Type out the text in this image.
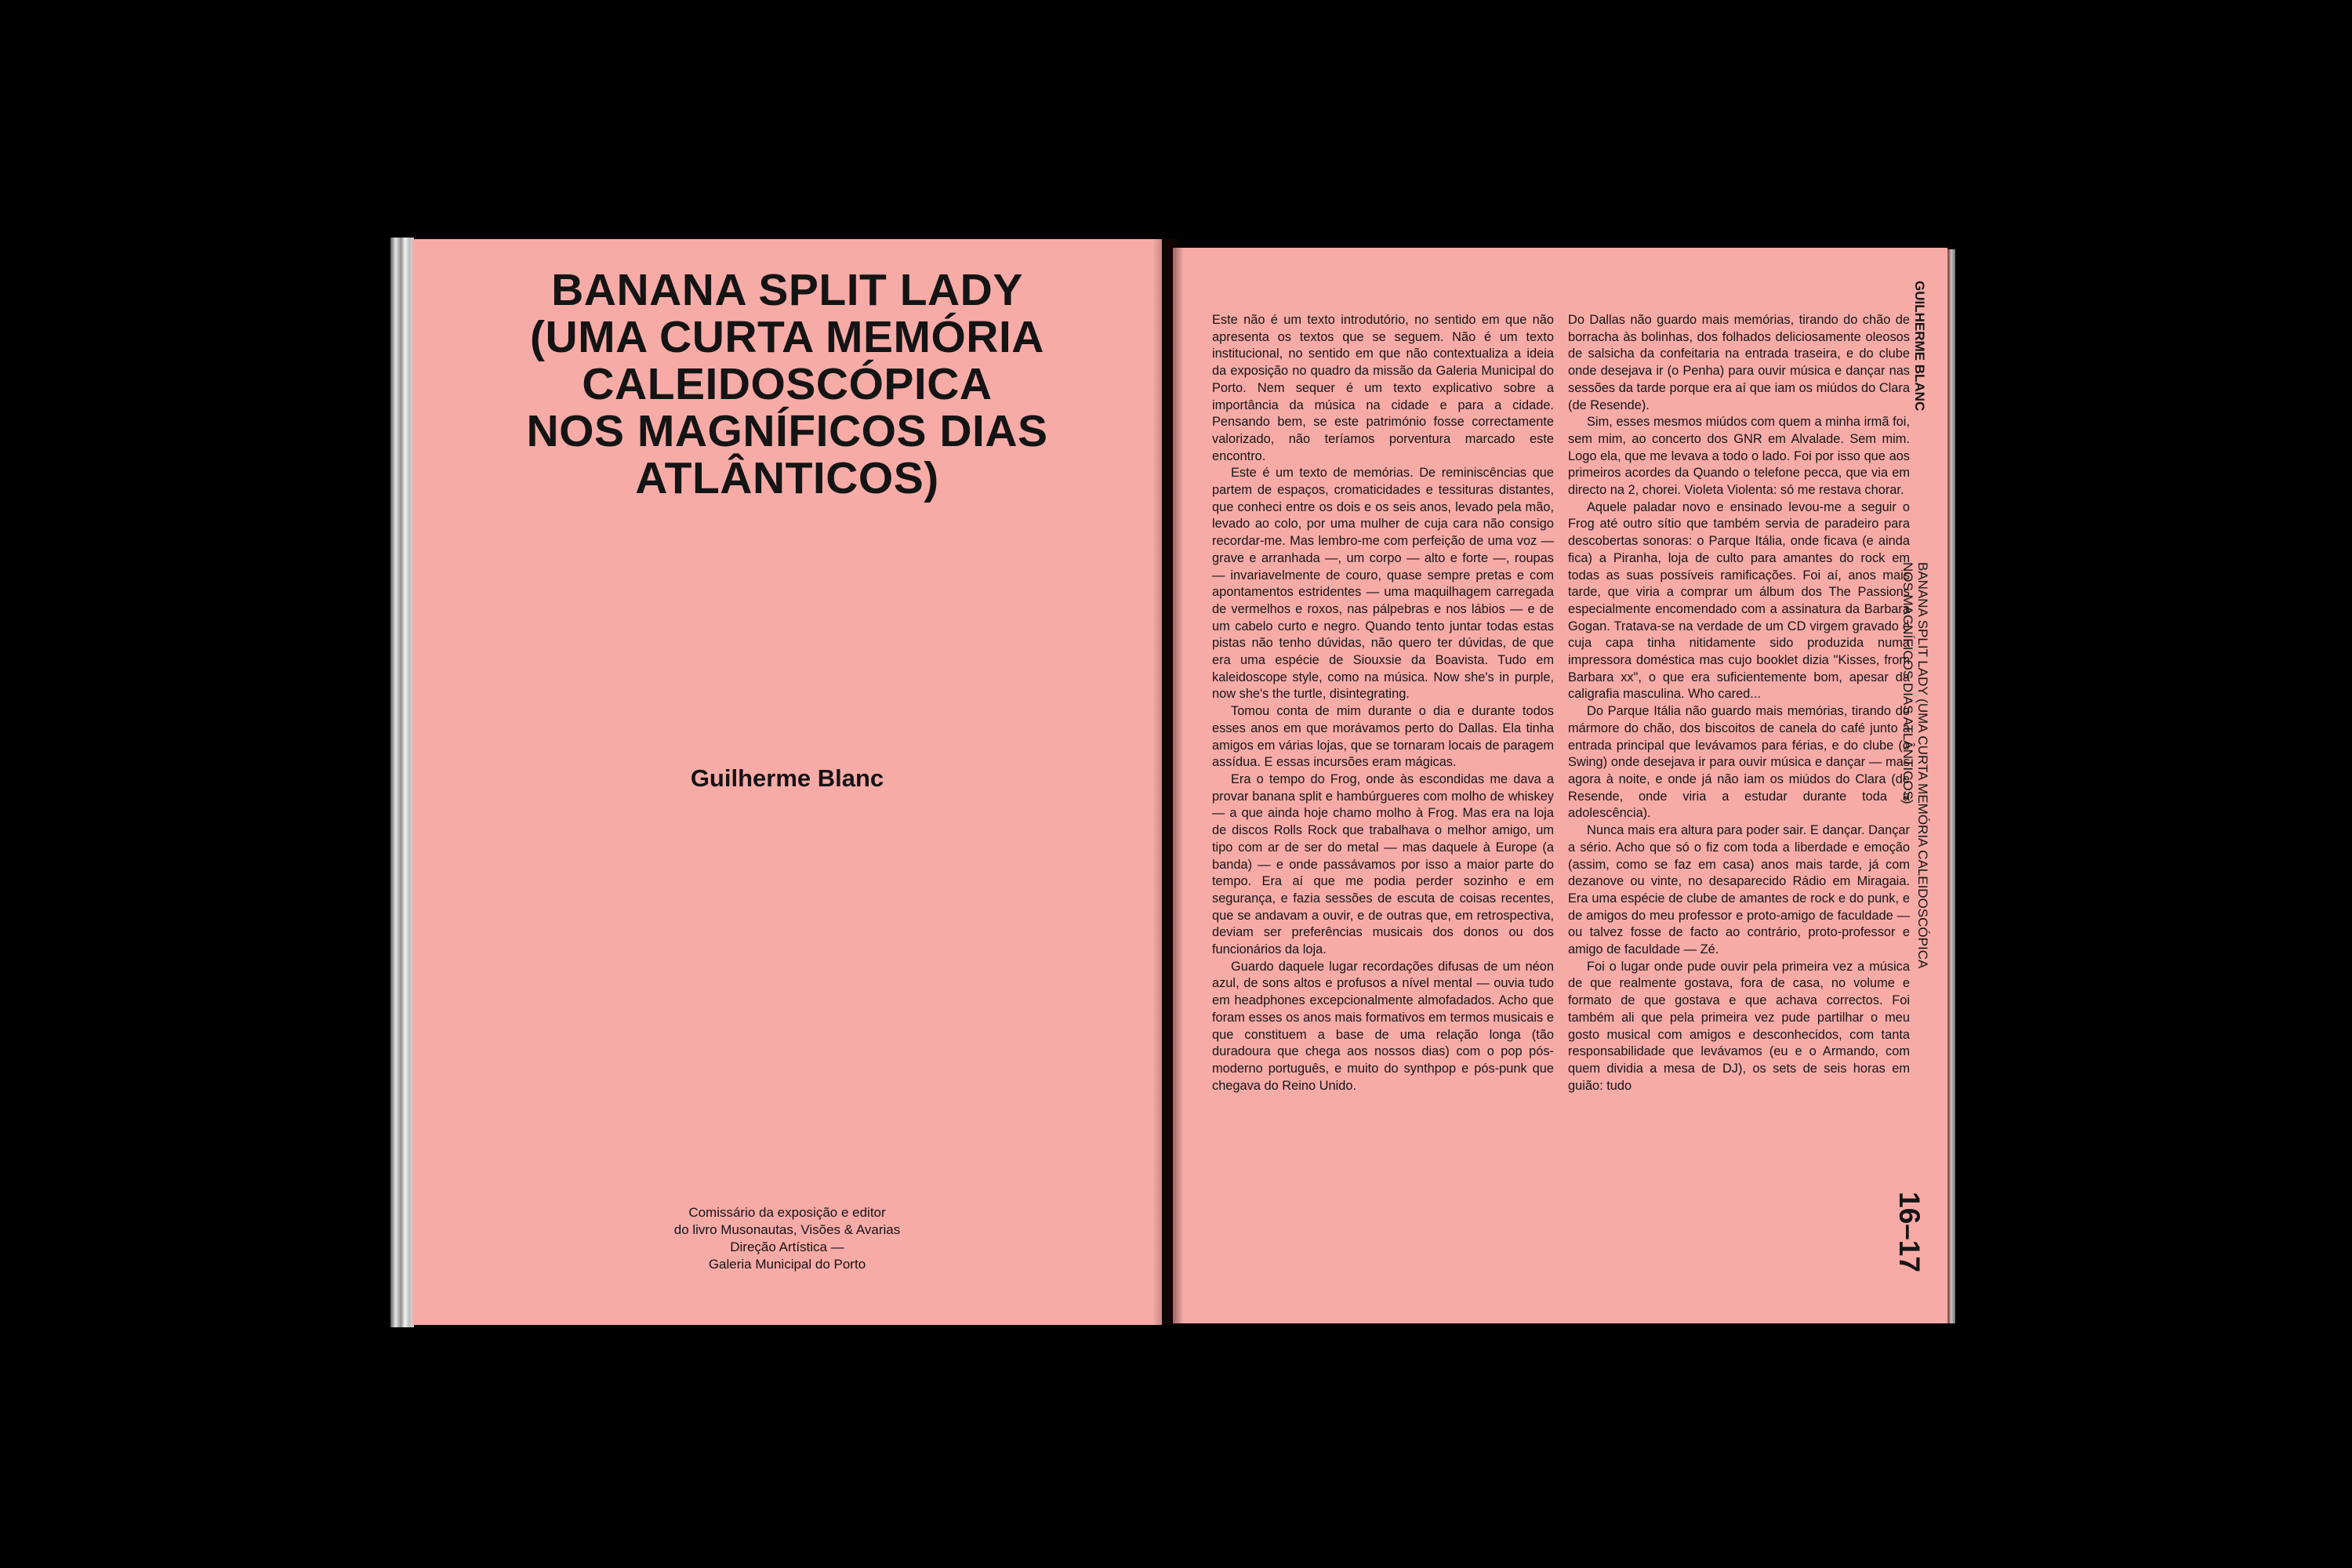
BANANA SPLIT LADY
(UMA CURTA MEMÓRIA
CALEIDOSCÓPICA
NOS MAGNÍFICOS DIAS
ATLÂNTICOS)
Guilherme Blanc
Comissário da exposição e editor
do livro Musonautas, Visões & Avarias
Direção Artística —
Galeria Municipal do Porto

Este não é um texto introdutório, no sentido em que não apresenta os textos que se seguem. Não é um texto institucional, no sentido em que não contextualiza a ideia da exposição no quadro da missão da Galeria Municipal do Porto. Nem sequer é um texto explicativo sobre a importância da música na cidade e para a cidade. Pensando bem, se este património fosse correctamente valorizado, não teríamos porventura marcado este encontro.

Este é um texto de memórias. De reminiscências que partem de espaços, cromaticidades e tessituras distantes, que conheci entre os dois e os seis anos, levado pela mão, levado ao colo, por uma mulher de cuja cara não consigo recordar-me. Mas lembro-me com perfeição de uma voz — grave e arranhada —, um corpo — alto e forte —, roupas — invariavelmente de couro, quase sempre pretas e com apontamentos estridentes — uma maquilhagem carregada de vermelhos e roxos, nas pálpebras e nos lábios — e de um cabelo curto e negro. Quando tento juntar todas estas pistas não tenho dúvidas, não quero ter dúvidas, de que era uma espécie de Siouxsie da Boavista. Tudo em kaleidoscope style, como na música. Now she's in purple, now she's the turtle, disintegrating.

Tomou conta de mim durante o dia e durante todos esses anos em que morávamos perto do Dallas. Ela tinha amigos em várias lojas, que se tornaram locais de paragem assídua. E essas incursões eram mágicas.

Era o tempo do Frog, onde às escondidas me dava a provar banana split e hambúrgueres com molho de whiskey — a que ainda hoje chamo molho à Frog. Mas era na loja de discos Rolls Rock que trabalhava o melhor amigo, um tipo com ar de ser do metal — mas daquele à Europe (a banda) — e onde passávamos por isso a maior parte do tempo. Era aí que me podia perder sozinho e em segurança, e fazia sessões de escuta de coisas recentes, que se andavam a ouvir, e de outras que, em retrospectiva, deviam ser preferências musicais dos donos ou dos funcionários da loja.

Guardo daquele lugar recordações difusas de um néon azul, de sons altos e profusos a nível mental — ouvia tudo em headphones excepcionalmente almofadados. Acho que foram esses os anos mais formativos em termos musicais e que constituem a base de uma relação longa (tão duradoura que chega aos nossos dias) com o pop pós-moderno português, e muito do synthpop e pós-punk que chegava do Reino Unido.

Do Dallas não guardo mais memórias, tirando do chão de borracha às bolinhas, dos folhados deliciosamente oleosos de salsicha da confeitaria na entrada traseira, e do clube onde desejava ir (o Penha) para ouvir música e dançar nas sessões da tarde porque era aí que iam os miúdos do Clara (de Resende).

Sim, esses mesmos miúdos com quem a minha irmã foi, sem mim, ao concerto dos GNR em Alvalade. Sem mim. Logo ela, que me levava a todo o lado. Foi por isso que aos primeiros acordes da Quando o telefone pecca, que via em directo na 2, chorei. Violeta Violenta: só me restava chorar.

Aquele paladar novo e ensinado levou-me a seguir o Frog até outro sítio que também servia de paradeiro para descobertas sonoras: o Parque Itália, onde ficava (e ainda fica) a Piranha, loja de culto para amantes do rock em todas as suas possíveis ramificações. Foi aí, anos mais tarde, que viria a comprar um álbum dos The Passions especialmente encomendado com a assinatura da Barbara Gogan. Tratava-se na verdade de um CD virgem gravado e cuja capa tinha nitidamente sido produzida numa impressora doméstica mas cujo booklet dizia "Kisses, from Barbara xx", o que era suficientemente bom, apesar da caligrafia masculina. Who cared...

Do Parque Itália não guardo mais memórias, tirando do mármore do chão, dos biscoitos de canela do café junto à entrada principal que levávamos para férias, e do clube (o Swing) onde desejava ir para ouvir música e dançar — mas agora à noite, e onde já não iam os miúdos do Clara (de Resende, onde viria a estudar durante toda a adolescência).

Nunca mais era altura para poder sair. E dançar. Dançar a sério. Acho que só o fiz com toda a liberdade e emoção (assim, como se faz em casa) anos mais tarde, já com dezanove ou vinte, no desaparecido Rádio em Miragaia. Era uma espécie de clube de amantes de rock e do punk, e de amigos do meu professor e proto-amigo de faculdade — ou talvez fosse de facto ao contrário, proto-professor e amigo de faculdade — Zé.

Foi o lugar onde pude ouvir pela primeira vez a música de que realmente gostava, fora de casa, no volume e formato de que gostava e que achava correctos. Foi também ali que pela primeira vez pude partilhar o meu gosto musical com amigos e desconhecidos, com tanta responsabilidade que levávamos (eu e o Armando, com quem dividia a mesa de DJ), os sets de seis horas em guião: tudo

GUILHERME BLANC
BANANA SPLIT LADY (UMA CURTA MEMÓRIA CALEIDOSCÓPICA
NOS MAGNÍFICOS DIAS ATLÂNTICOS)
16–17
